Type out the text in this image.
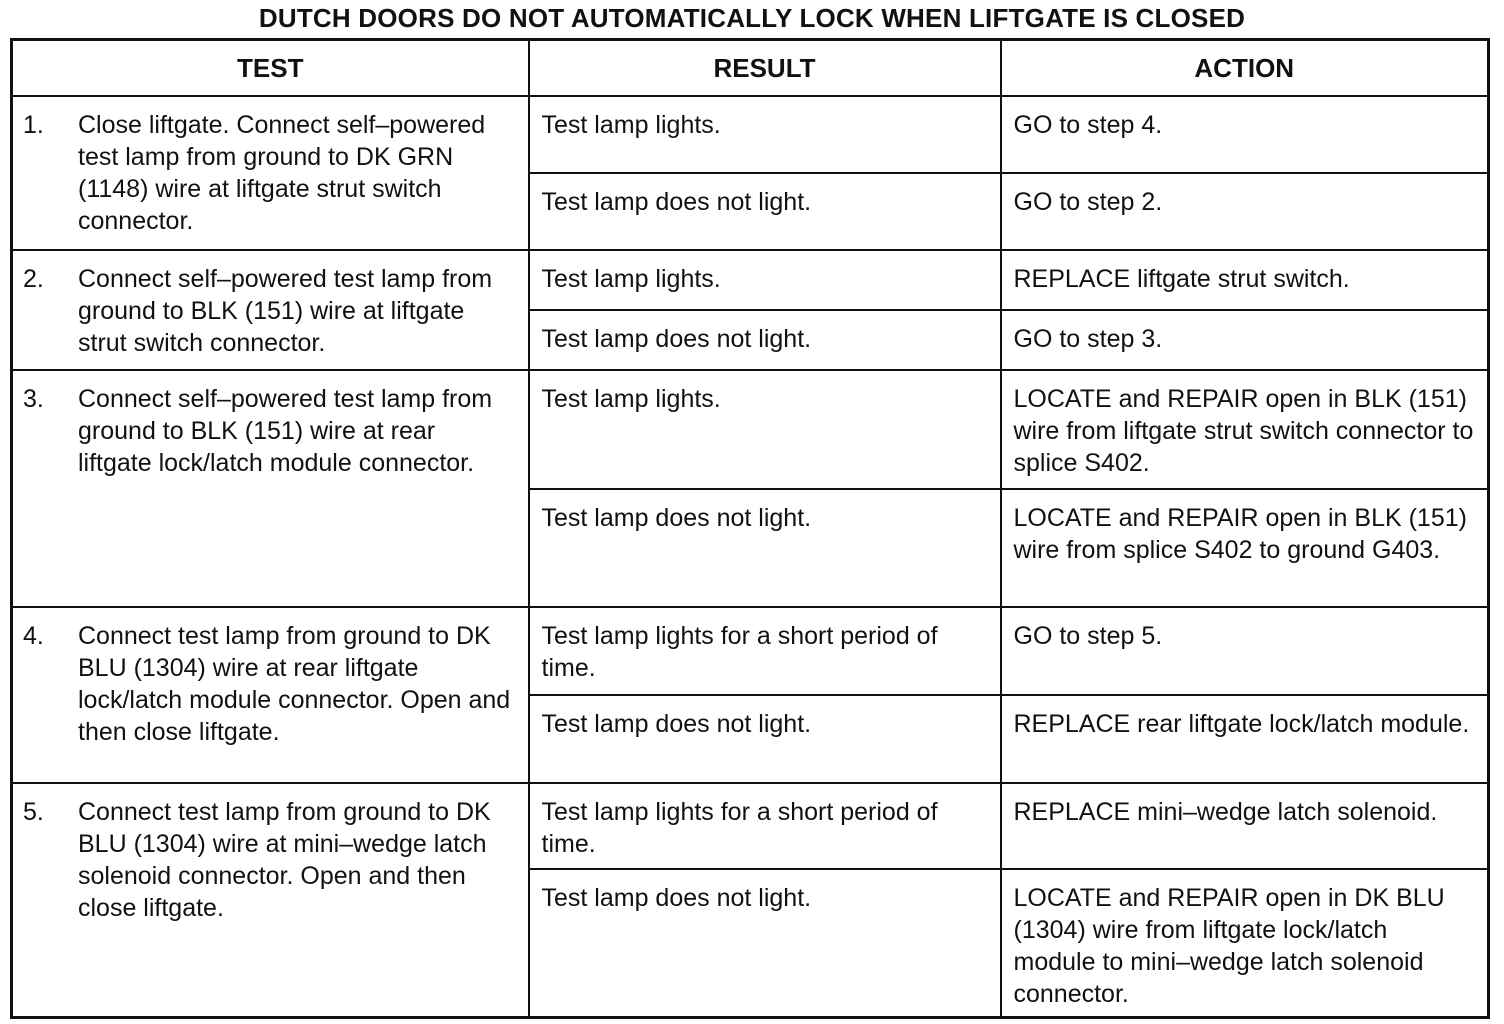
DUTCH DOORS DO NOT AUTOMATICALLY LOCK WHEN LIFTGATE IS CLOSED
TEST	RESULT	ACTION

1. Close liftgate. Connect self–powered test lamp from ground to DK GRN (1148) wire at liftgate strut switch connector.	Test lamp lights.	GO to step 4.
	Test lamp does not light.	GO to step 2.

2. Connect self–powered test lamp from ground to BLK (151) wire at liftgate strut switch connector.	Test lamp lights.	REPLACE liftgate strut switch.
	Test lamp does not light.	GO to step 3.

3. Connect self–powered test lamp from ground to BLK (151) wire at rear liftgate lock/latch module connector.	Test lamp lights.	LOCATE and REPAIR open in BLK (151) wire from liftgate strut switch connector to splice S402.
	Test lamp does not light.	LOCATE and REPAIR open in BLK (151) wire from splice S402 to ground G403.

4. Connect test lamp from ground to DK BLU (1304) wire at rear liftgate lock/latch module connector. Open and then close liftgate.	Test lamp lights for a short period of time.	GO to step 5.
	Test lamp does not light.	REPLACE rear liftgate lock/latch module.

5. Connect test lamp from ground to DK BLU (1304) wire at mini–wedge latch solenoid connector. Open and then close liftgate.	Test lamp lights for a short period of time.	REPLACE mini–wedge latch solenoid.
	Test lamp does not light.	LOCATE and REPAIR open in DK BLU (1304) wire from liftgate lock/latch module to mini–wedge latch solenoid connector.
